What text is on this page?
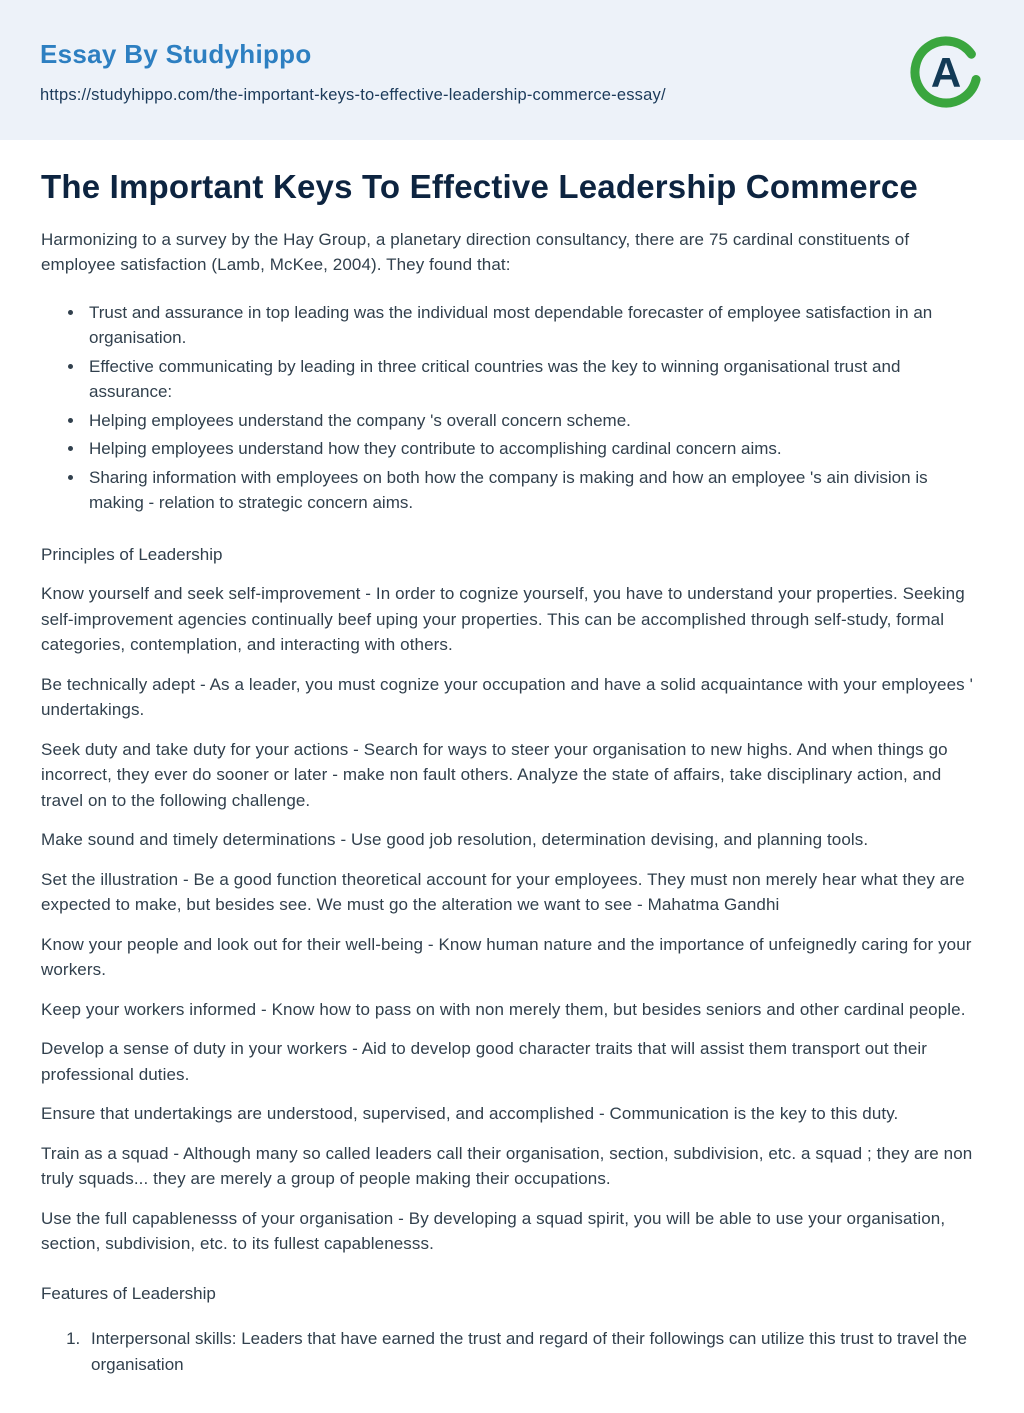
Essay By Studyhippo
https://studyhippo.com/the-important-keys-to-effective-leadership-commerce-essay/	A
The Important Keys To Effective Leadership Commerce

Harmonizing to a survey by the Hay Group, a planetary direction consultancy, there are 75 cardinal constituents of employee satisfaction (Lamb, McKee, 2004). They found that:

• Trust and assurance in top leading was the individual most dependable forecaster of employee satisfaction in an organisation.
• Effective communicating by leading in three critical countries was the key to winning organisational trust and assurance:
• Helping employees understand the company 's overall concern scheme.
• Helping employees understand how they contribute to accomplishing cardinal concern aims.
• Sharing information with employees on both how the company is making and how an employee 's ain division is making - relation to strategic concern aims.

Principles of Leadership

Know yourself and seek self-improvement - In order to cognize yourself, you have to understand your properties. Seeking self-improvement agencies continually beef uping your properties. This can be accomplished through self-study, formal categories, contemplation, and interacting with others.

Be technically adept - As a leader, you must cognize your occupation and have a solid acquaintance with your employees ' undertakings.

Seek duty and take duty for your actions - Search for ways to steer your organisation to new highs. And when things go incorrect, they ever do sooner or later - make non fault others. Analyze the state of affairs, take disciplinary action, and travel on to the following challenge.

Make sound and timely determinations - Use good job resolution, determination devising, and planning tools.

Set the illustration - Be a good function theoretical account for your employees. They must non merely hear what they are expected to make, but besides see. We must go the alteration we want to see - Mahatma Gandhi

Know your people and look out for their well-being - Know human nature and the importance of unfeignedly caring for your workers.

Keep your workers informed - Know how to pass on with non merely them, but besides seniors and other cardinal people.

Develop a sense of duty in your workers - Aid to develop good character traits that will assist them transport out their professional duties.

Ensure that undertakings are understood, supervised, and accomplished - Communication is the key to this duty.

Train as a squad - Although many so called leaders call their organisation, section, subdivision, etc. a squad ; they are non truly squads... they are merely a group of people making their occupations.

Use the full capablenesss of your organisation - By developing a squad spirit, you will be able to use your organisation, section, subdivision, etc. to its fullest capablenesss.

Features of Leadership

1. Interpersonal skills: Leaders that have earned the trust and regard of their followings can utilize this trust to travel the organisation
